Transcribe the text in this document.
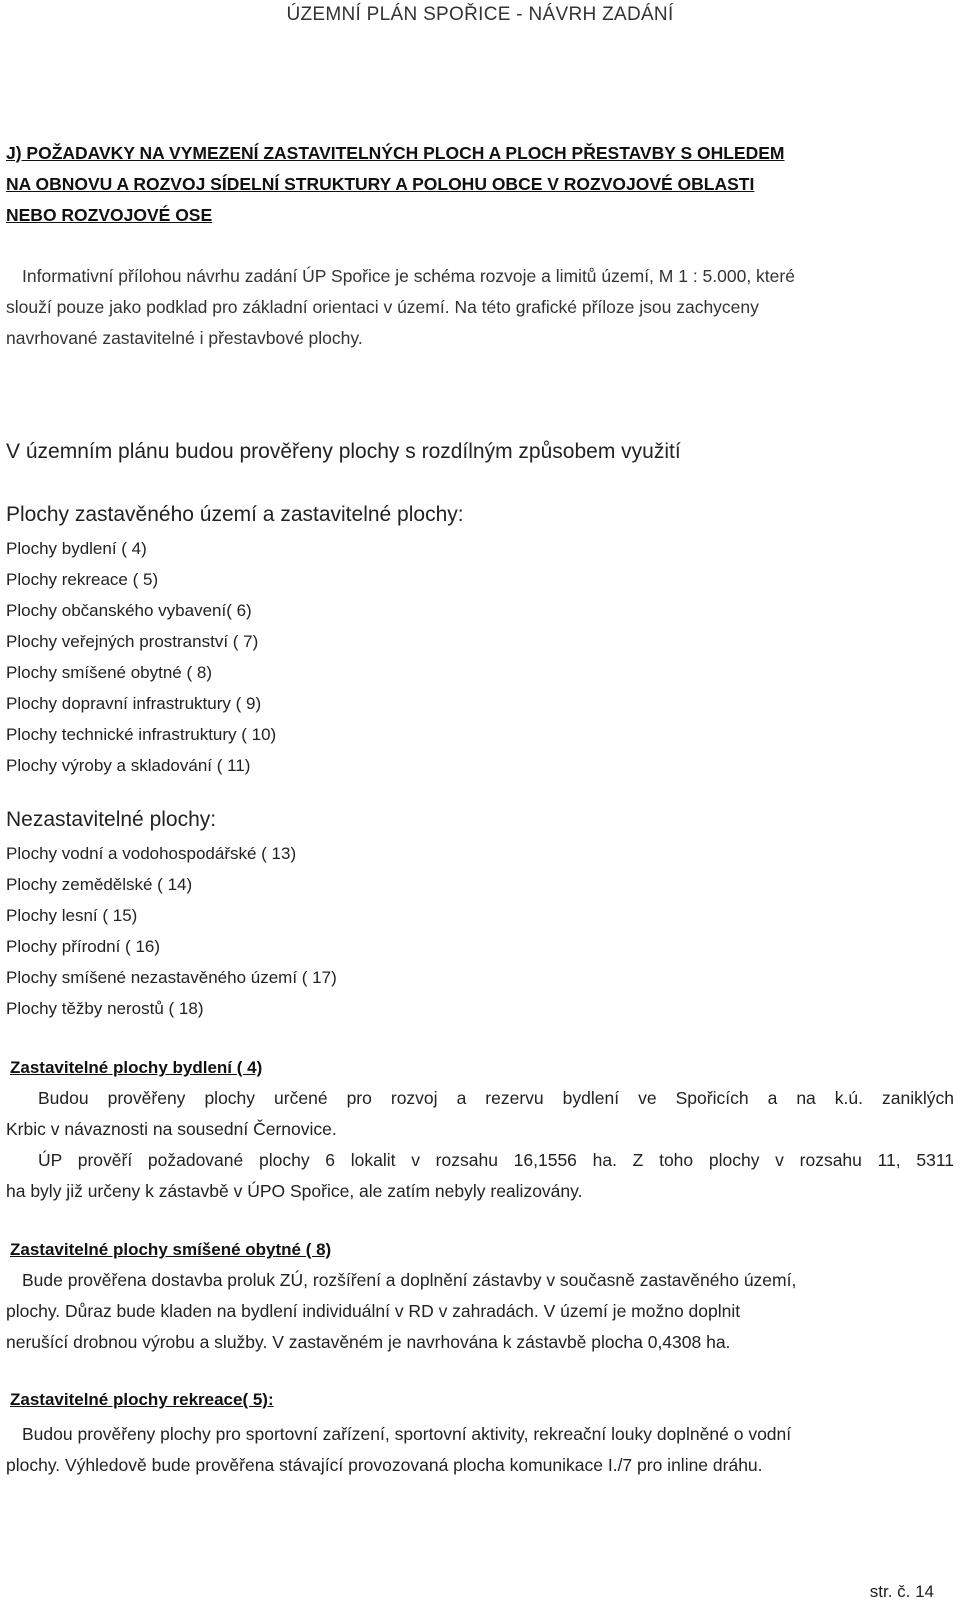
ÚZEMNÍ PLÁN SPOŘICE - NÁVRH ZADÁNÍ
J) POŽADAVKY NA VYMEZENÍ ZASTAVITELNÝCH PLOCH A PLOCH PŘESTAVBY S OHLEDEM
NA OBNOVU A ROZVOJ SÍDELNÍ STRUKTURY A POLOHU OBCE V ROZVOJOVÉ OBLASTI
NEBO ROZVOJOVÉ OSE
Informativní přílohou návrhu zadání ÚP Spořice je schéma rozvoje a limitů území, M 1 : 5.000, které
slouží pouze jako podklad pro základní orientaci v území. Na této grafické příloze jsou zachyceny
navrhované zastavitelné i přestavbové plochy.
V územním plánu budou prověřeny plochy s rozdílným způsobem využití
Plochy zastavěného území a zastavitelné plochy:
Plochy bydlení ( 4)
Plochy rekreace ( 5)
Plochy občanského vybavení( 6)
Plochy veřejných prostranství ( 7)
Plochy smíšené obytné ( 8)
Plochy dopravní infrastruktury ( 9)
Plochy technické infrastruktury ( 10)
Plochy výroby a skladování ( 11)
Nezastavitelné plochy:
Plochy vodní a vodohospodářské ( 13)
Plochy zemědělské ( 14)
Plochy lesní ( 15)
Plochy přírodní ( 16)
Plochy smíšené nezastavěného území ( 17)
Plochy těžby nerostů ( 18)
Zastavitelné plochy bydlení ( 4)
Budou prověřeny plochy určené pro rozvoj a rezervu bydlení ve Spořicích a na k.ú. zaniklých
Krbic v návaznosti na sousední Černovice.
ÚP prověří požadované plochy 6 lokalit v rozsahu 16,1556 ha. Z toho plochy v rozsahu 11, 5311
ha byly již určeny k zástavbě v ÚPO Spořice, ale zatím nebyly realizovány.
Zastavitelné plochy smíšené obytné ( 8)
Bude prověřena dostavba proluk ZÚ, rozšíření a doplnění zástavby v současně zastavěného území,
plochy. Důraz bude kladen na bydlení individuální v RD v zahradách. V území je možno doplnit
nerušící drobnou výrobu a služby. V zastavěném je navrhována k zástavbě plocha 0,4308 ha.
Zastavitelné plochy rekreace( 5):
Budou prověřeny plochy pro sportovní zařízení, sportovní aktivity, rekreační louky doplněné o vodní
plochy. Výhledově bude prověřena stávající provozovaná plocha komunikace I./7 pro inline dráhu.
str. č. 14
